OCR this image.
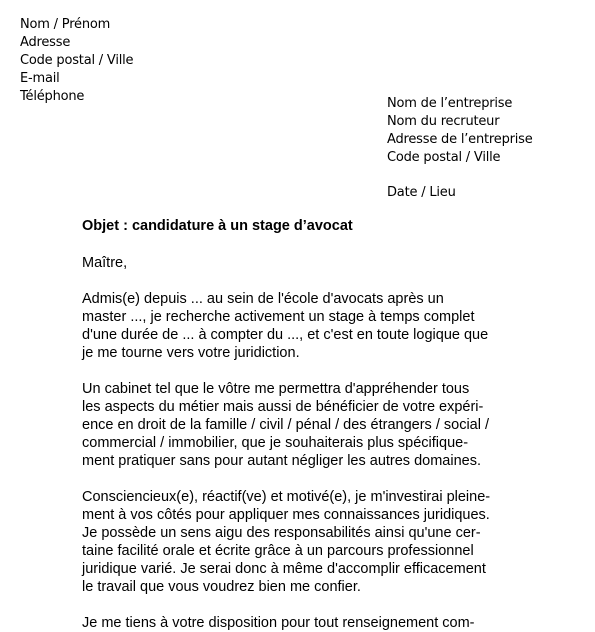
Nom / Prénom
Adresse
Code postal / Ville
E-mail
Téléphone	Nom de l’entreprise
Nom du recruteur
Adresse de l’entreprise
Code postal / Ville
Date / Lieu
Objet : candidature à un stage d’avocat
Maître,
Admis(e) depuis ... au sein de l'école d'avocats après un
master ..., je recherche activement un stage à temps complet
d'une durée de ... à compter du ..., et c'est en toute logique que
je me tourne vers votre juridiction.
Un cabinet tel que le vôtre me permettra d'appréhender tous
les aspects du métier mais aussi de bénéficier de votre expéri-
ence en droit de la famille / civil / pénal / des étrangers / social /
commercial / immobilier, que je souhaiterais plus spécifique-
ment pratiquer sans pour autant négliger les autres domaines.
Consciencieux(e), réactif(ve) et motivé(e), je m'investirai pleine-
ment à vos côtés pour appliquer mes connaissances juridiques.
Je possède un sens aigu des responsabilités ainsi qu'une cer-
taine facilité orale et écrite grâce à un parcours professionnel
juridique varié. Je serai donc à même d'accomplir efficacement
le travail que vous voudrez bien me confier.
Je me tiens à votre disposition pour tout renseignement com-
